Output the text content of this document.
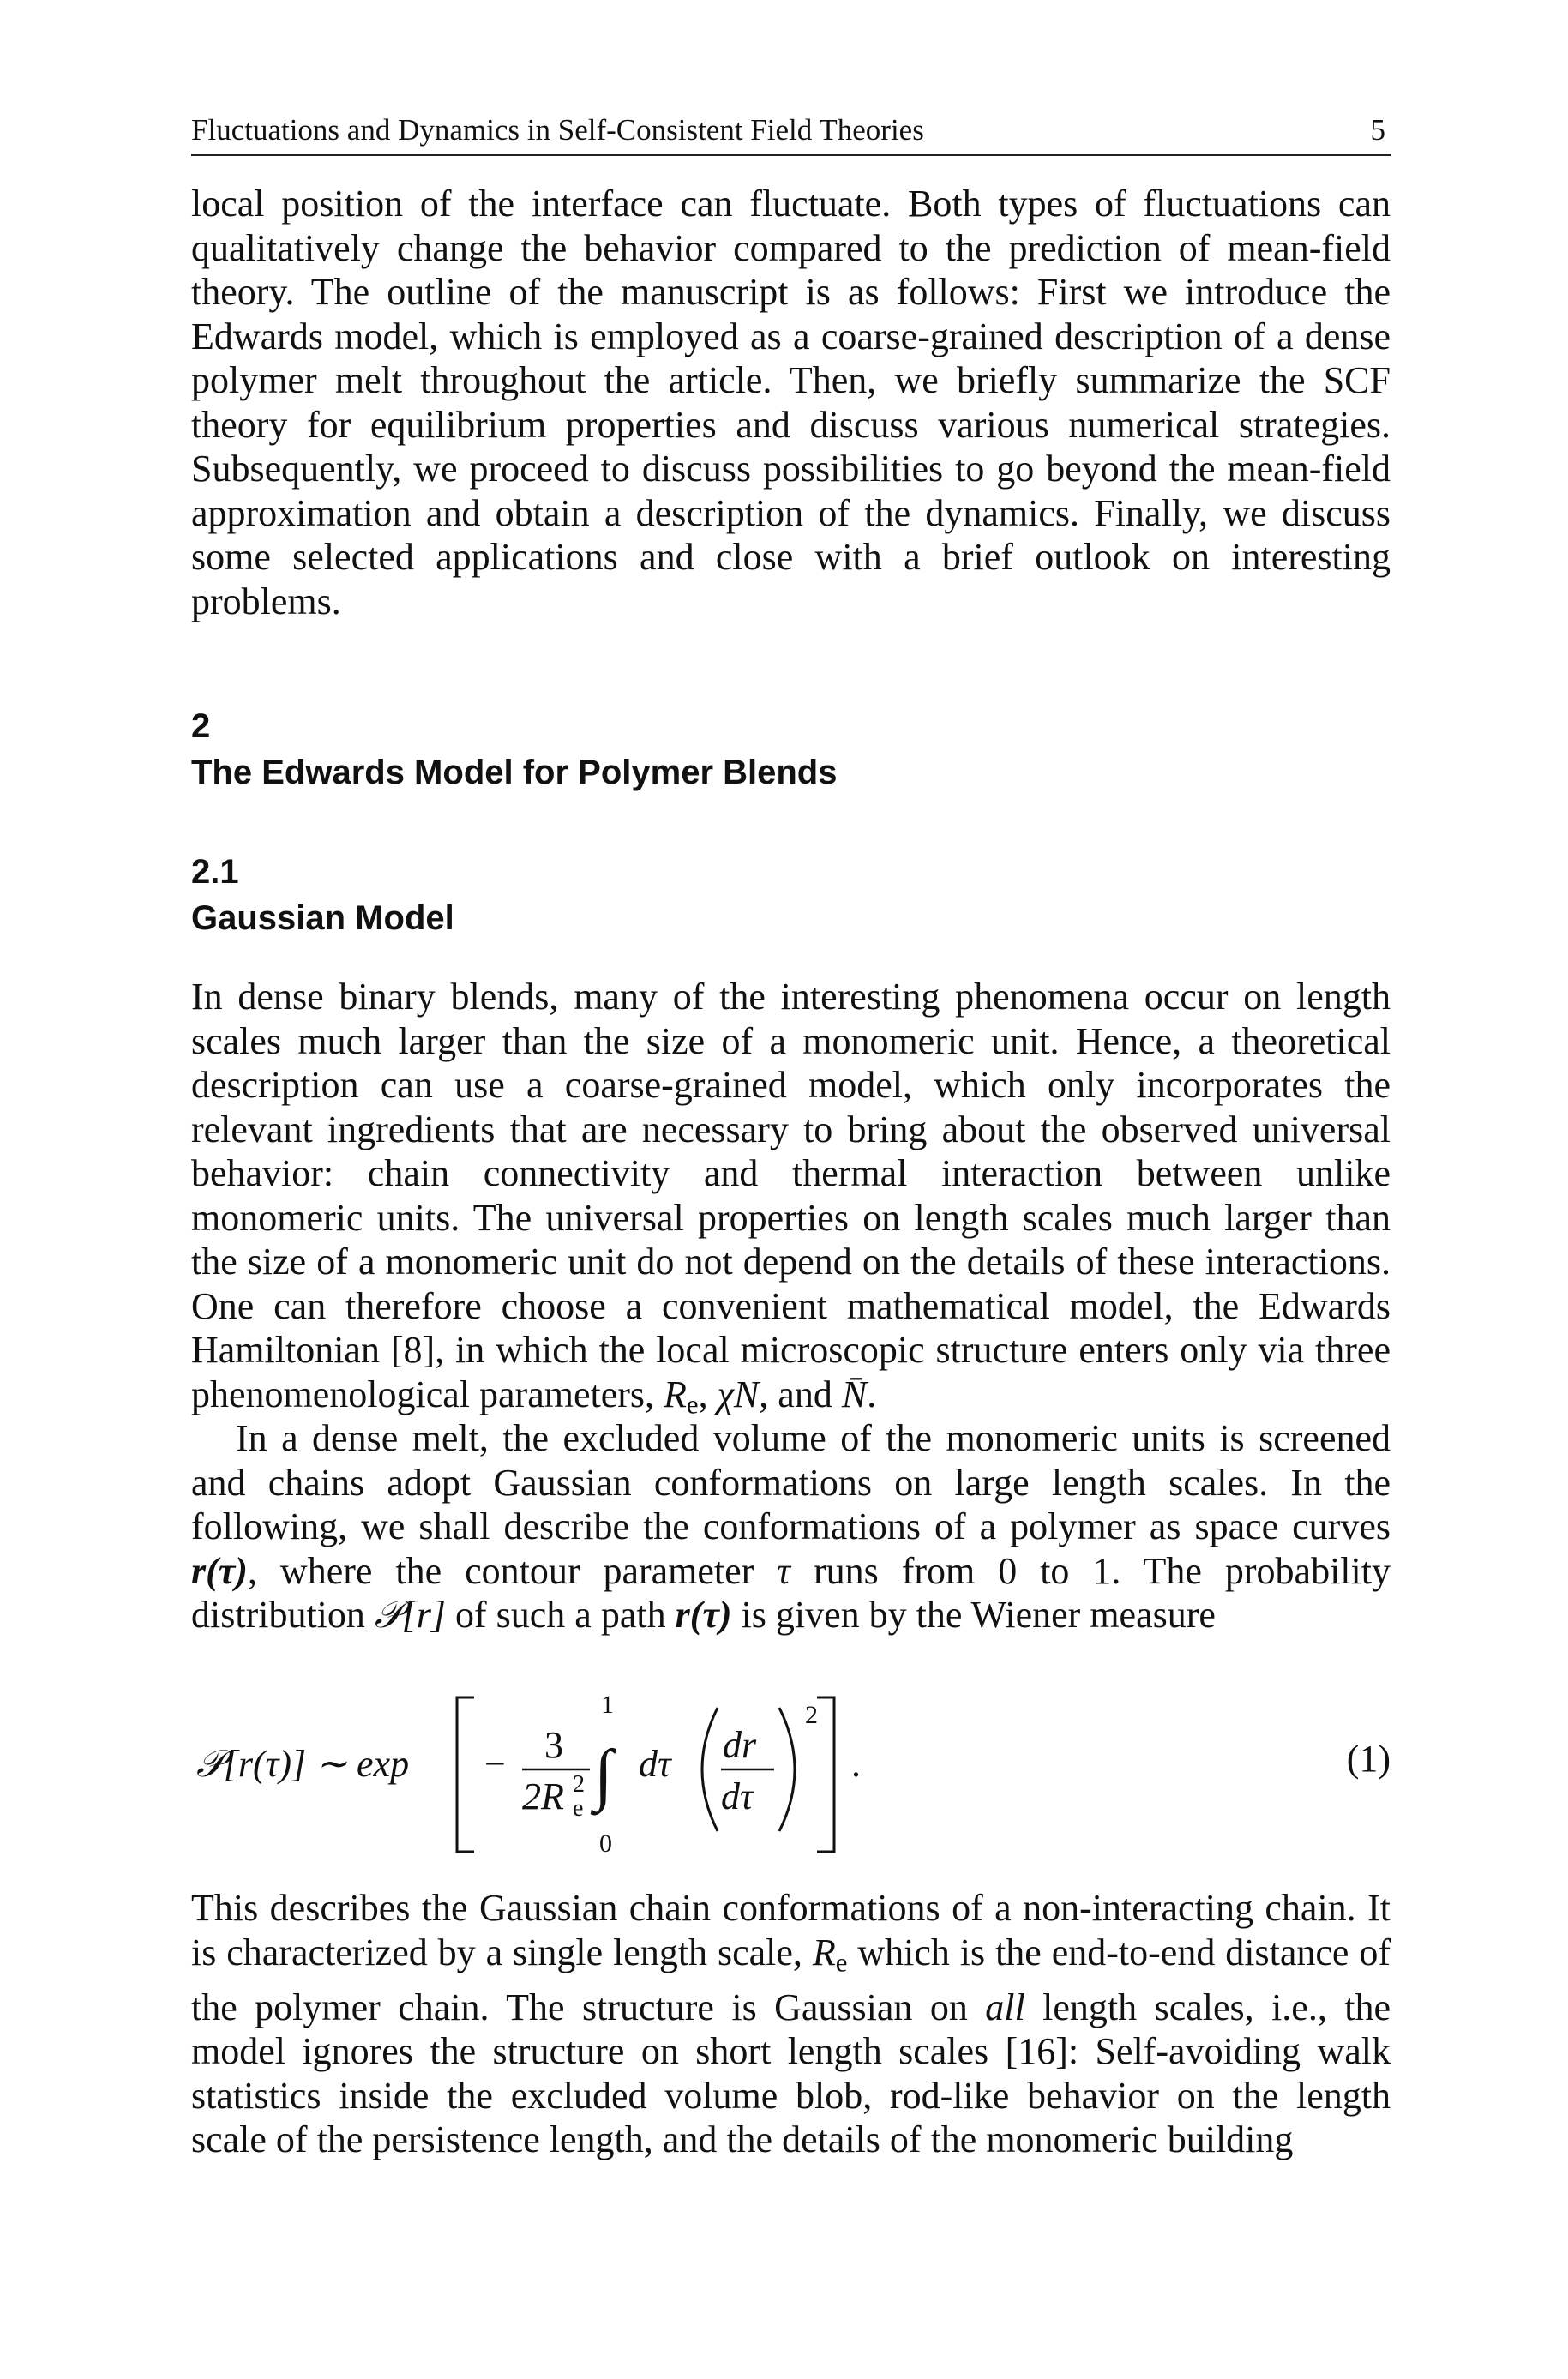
Fluctuations and Dynamics in Self-Consistent Field Theories	5

local position of the interface can fluctuate. Both types of fluctuations can qualitatively change the behavior compared to the prediction of mean-field theory. The outline of the manuscript is as follows: First we introduce the Edwards model, which is employed as a coarse-grained description of a dense polymer melt throughout the article. Then, we briefly summarize the SCF theory for equilibrium properties and discuss various numerical strategies. Subsequently, we proceed to discuss possibilities to go beyond the mean-field approximation and obtain a description of the dynamics. Finally, we discuss some selected applications and close with a brief outlook on interesting problems.

2
The Edwards Model for Polymer Blends
2.1
Gaussian Model

In dense binary blends, many of the interesting phenomena occur on length scales much larger than the size of a monomeric unit. Hence, a theoretical description can use a coarse-grained model, which only incorporates the relevant ingredients that are necessary to bring about the observed universal behavior: chain connectivity and thermal interaction between unlike monomeric units. The universal properties on length scales much larger than the size of a monomeric unit do not depend on the details of these interactions. One can therefore choose a convenient mathematical model, the Edwards Hamiltonian [8], in which the local microscopic structure enters only via three phenomenological parameters, $R_e$, χN, and N̄.

In a dense melt, the excluded volume of the monomeric units is screened and chains adopt Gaussian conformations on large length scales. In the following, we shall describe the conformations of a polymer as space curves r(τ), where the contour parameter τ runs from 0 to 1. The probability distribution 𝒫[r] of such a path r(τ) is given by the Wiener measure

𝒫[r(τ)] ∼ exp − 3
2R 2
e
1
∫
0
dτ dr
dτ
2
.	(1)

This describes the Gaussian chain conformations of a non-interacting chain. It is characterized by a single length scale, $R_e$ which is the end-to-end distance of the polymer chain. The structure is Gaussian on all length scales, i.e., the model ignores the structure on short length scales [16]: Self-avoiding walk statistics inside the excluded volume blob, rod-like behavior on the length scale of the persistence length, and the details of the monomeric building
